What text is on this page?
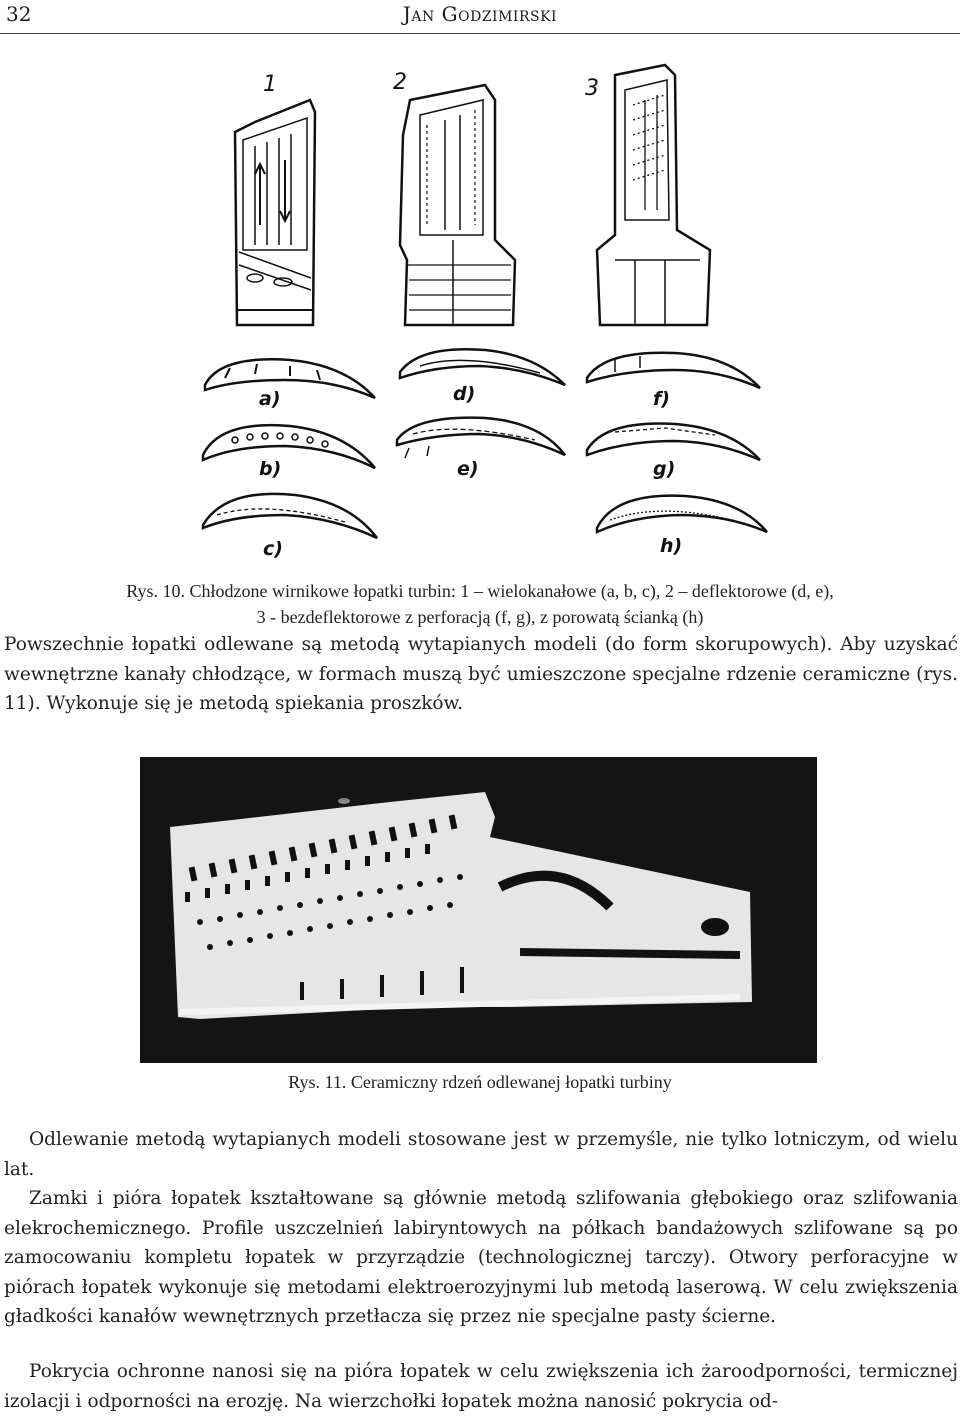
32	Jan Godzimirski
1	2	3
a)
b)
c)
d)
e)
f)
g)
h)
Rys. 10. Chłodzone wirnikowe łopatki turbin: 1 – wielokanałowe (a, b, c), 2 – deflektorowe (d, e),
3 - bezdeflektorowe z perforacją (f, g), z porowatą ścianką (h)

Powszechnie łopatki odlewane są metodą wytapianych modeli (do form skorupowych). Aby uzyskać wewnętrzne kanały chłodzące, w formach muszą być umieszczone specjalne rdzenie ceramiczne (rys. 11). Wykonuje się je metodą spiekania proszków.

Rys. 11. Ceramiczny rdzeń odlewanej łopatki turbiny

Odlewanie metodą wytapianych modeli stosowane jest w przemyśle, nie tylko lotniczym, od wielu lat.

Zamki i pióra łopatek kształtowane są głównie metodą szlifowania głębokiego oraz szlifowania elekrochemicznego. Profile uszczelnień labiryntowych na półkach bandażowych szlifowane są po zamocowaniu kompletu łopatek w przyrządzie (technologicznej tarczy). Otwory perforacyjne w piórach łopatek wykonuje się metodami elektroerozyjnymi lub metodą laserową. W celu zwiększenia gładkości kanałów wewnętrznych przetłacza się przez nie specjalne pasty ścierne.

Pokrycia ochronne nanosi się na pióra łopatek w celu zwiększenia ich żaroodporności, termicznej izolacji i odporności na erozję. Na wierzchołki łopatek można nanosić pokrycia od-
